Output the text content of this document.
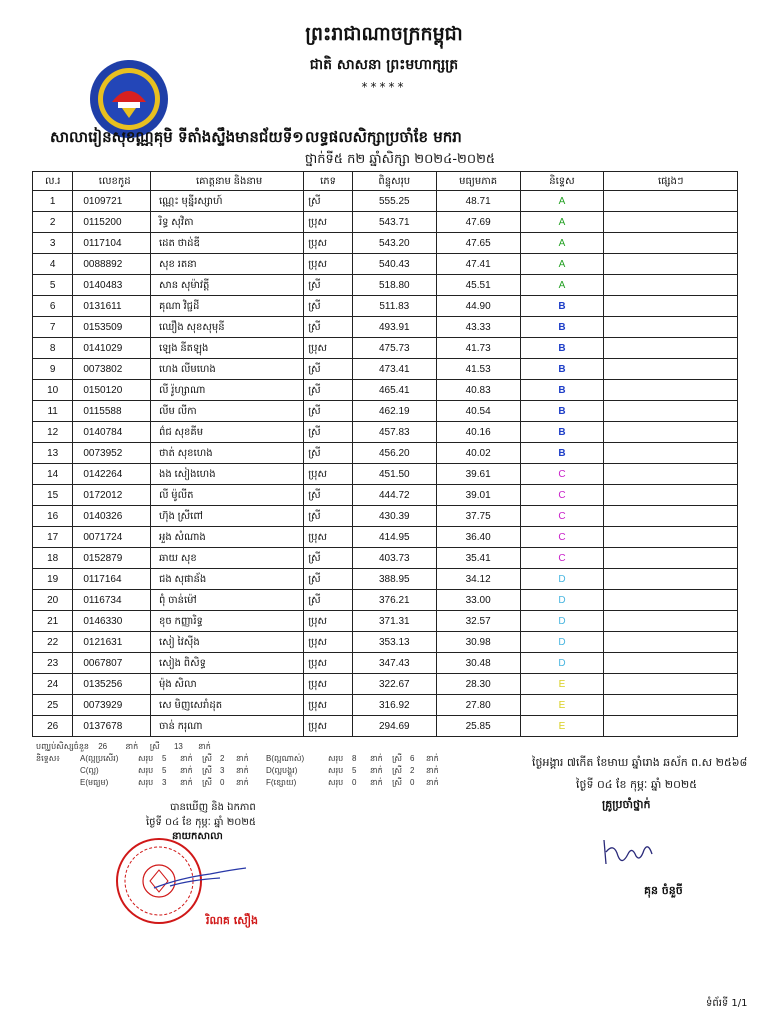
ព្រះរាជាណាចក្រកម្ពុជា
ជាតិ សាសនា ព្រះមហាក្សត្រ
*****
សាលារៀនសុខណ្ណគុមិ ទីតាំងស្ទឹងមានជ័យទី១ លទ្ធផលសិក្សាប្រចាំខែ មករា
ថ្នាក់ទី៥ ក២ ឆ្នាំសិក្សា ២០២៤-២០២៥
ល.រ	លេខកូដ	គោត្តនាម និងនាម	ភេទ	ពិន្ទុសរុប	មធ្យមភាគ	និទ្ទេស	ផ្សេងៗ
1	0109721	ណ្ណេះ មុន្នីរស្សាហ៍	ស្រី	555.25	48.71	A	
2	0115200	រិទ្ធ សុវិតា	ប្រុស	543.71	47.69	A	
3	0117104	ដេត ថាដ់ឌី	ប្រុស	543.20	47.65	A	
4	0088892	សុខ រតនា	ប្រុស	540.43	47.41	A	
5	0140483	សាន សុម៉ាវត្តី	ស្រី	518.80	45.51	A	
6	0131611	គុណា វិជ្ជដី	ស្រី	511.83	44.90	B	
7	0153509	ឈឿង សុខសុមុនី	ស្រី	493.91	43.33	B	
8	0141029	ឡេង នីតឡុង	ប្រុស	475.73	41.73	B	
9	0073802	ហេង លីមហេង	ស្រី	473.41	41.53	B	
10	0150120	លី រ៉ូហ្សាណា	ស្រី	465.41	40.83	B	
11	0115588	លីម លីកា	ស្រី	462.19	40.54	B	
12	0140784	ព៌ជ សុខគីម	ស្រី	457.83	40.16	B	
13	0073952	ថាត់ សុខហេង	ស្រី	456.20	40.02	B	
14	0142264	ងង សៀងហេង	ប្រុស	451.50	39.61	C	
15	0172012	លី ម៉ូលីត	ស្រី	444.72	39.01	C	
16	0140326	ហ៊ុង ស្រីពៅ	ស្រី	430.39	37.75	C	
17	0071724	អួង សំណាង	ប្រុស	414.95	36.40	C	
18	0152879	ឆាយ សុខ	ស្រី	403.73	35.41	C	
19	0117164	ជង សុផាន័ង	ស្រី	388.95	34.12	D	
20	0116734	ពុំ ចាន់ម៉ៅ	ស្រី	376.21	33.00	D	
21	0146330	ខុច កញ្ញារិទ្ធ	ប្រុស	371.31	32.57	D	
22	0121631	សៀ វៃស៊ីង	ប្រុស	353.13	30.98	D	
23	0067807	សៀង ពិសិទ្ធ	ប្រុស	347.43	30.48	D	
24	0135256	ម៉ុង សិលា	ប្រុស	322.67	28.30	E	
25	0073929	សេ មិញសេរាំដុត	ប្រុស	316.92	27.80	E	
26	0137678	ចាន់ ករុណា	ប្រុស	294.69	25.85	E	
បញ្ឈប់សិស្សចំនួន 26 នាក់ ស្រី 13 នាក់
និទ្ទេស៖	A(ល្អប្រសើរ) សរុប 5 នាក់ ស្រី 2 នាក់ B(ល្អណាស់)	សរុប 8 នាក់ ស្រី 6 នាក់
C(ល្អ)	សរុប 5 នាក់ ស្រី 3 នាក់ D(ល្អបង្គួរ)	សរុប 5 នាក់ ស្រី 2 នាក់
E(មធ្យម)	សរុប 3 នាក់ ស្រី 0 នាក់ F(ខ្សោយ)	សរុប 0 នាក់ ស្រី 0 នាក់
ថ្ងៃអង្គារ ៧កើត ខែមាឃ ឆ្នាំរោង ឆស័ក ព.ស ២៥៦៨
ថ្ងៃទី ០៤ ខែ កុម្ភៈ ឆ្នាំ ២០២៥
គ្រូប្រចាំថ្នាក់
គុន ចំនួចី
បានឃើញ និង ឯកភាព
ថ្ងៃទី ០៤ ខែ កុម្ភៈ ឆ្នាំ ២០២៥
នាយកសាលា
រិណគ សឿង
ទំព័រទី 1/1
